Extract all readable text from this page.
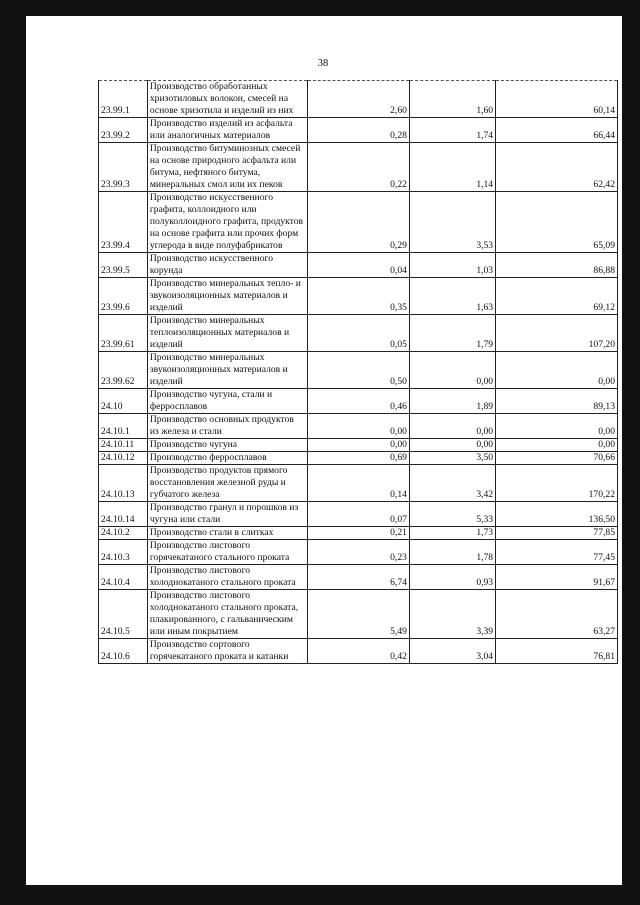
38
23.99.1	Производство обработанных хризотиловых волокон, смесей на основе хризотила и изделий из них	2,60	1,60	60,14
23.99.2	Производство изделий из асфальта или аналогичных материалов	0,28	1,74	66,44
23.99.3	Производство битуминозных смесей на основе природного асфальта или битума, нефтяного битума, минеральных смол или их пеков	0,22	1,14	62,42
23.99.4	Производство искусственного графита, коллоидного или полуколлоидного графита, продуктов на основе графита или прочих форм углерода в виде полуфабрикатов	0,29	3,53	65,09
23.99.5	Производство искусственного корунда	0,04	1,03	86,88
23.99.6	Производство минеральных тепло- и звукоизоляционных материалов и изделий	0,35	1,63	69,12
23.99.61	Производство минеральных теплоизоляционных материалов и изделий	0,05	1,79	107,20
23.99.62	Производство минеральных звукоизоляционных материалов и изделий	0,50	0,00	0,00
24.10	Производство чугуна, стали и ферросплавов	0,46	1,89	89,13
24.10.1	Производство основных продуктов из железа и стали	0,00	0,00	0,00
24.10.11	Производство чугуна	0,00	0,00	0,00
24.10.12	Производство ферросплавов	0,69	3,50	70,66
24.10.13	Производство продуктов прямого восстановления железной руды и губчатого железа	0,14	3,42	170,22
24.10.14	Производство гранул и порошков из чугуна или стали	0,07	5,33	136,50
24.10.2	Производство стали в слитках	0,21	1,73	77,85
24.10.3	Производство листового горячекатаного стального проката	0,23	1,78	77,45
24.10.4	Производство листового холоднокатаного стального проката	6,74	0,93	91,67
24.10.5	Производство листового холоднокатаного стального проката, плакированного, с гальваническим или иным покрытием	5,49	3,39	63,27
24.10.6	Производство сортового горячекатаного проката и катанки	0,42	3,04	76,81
